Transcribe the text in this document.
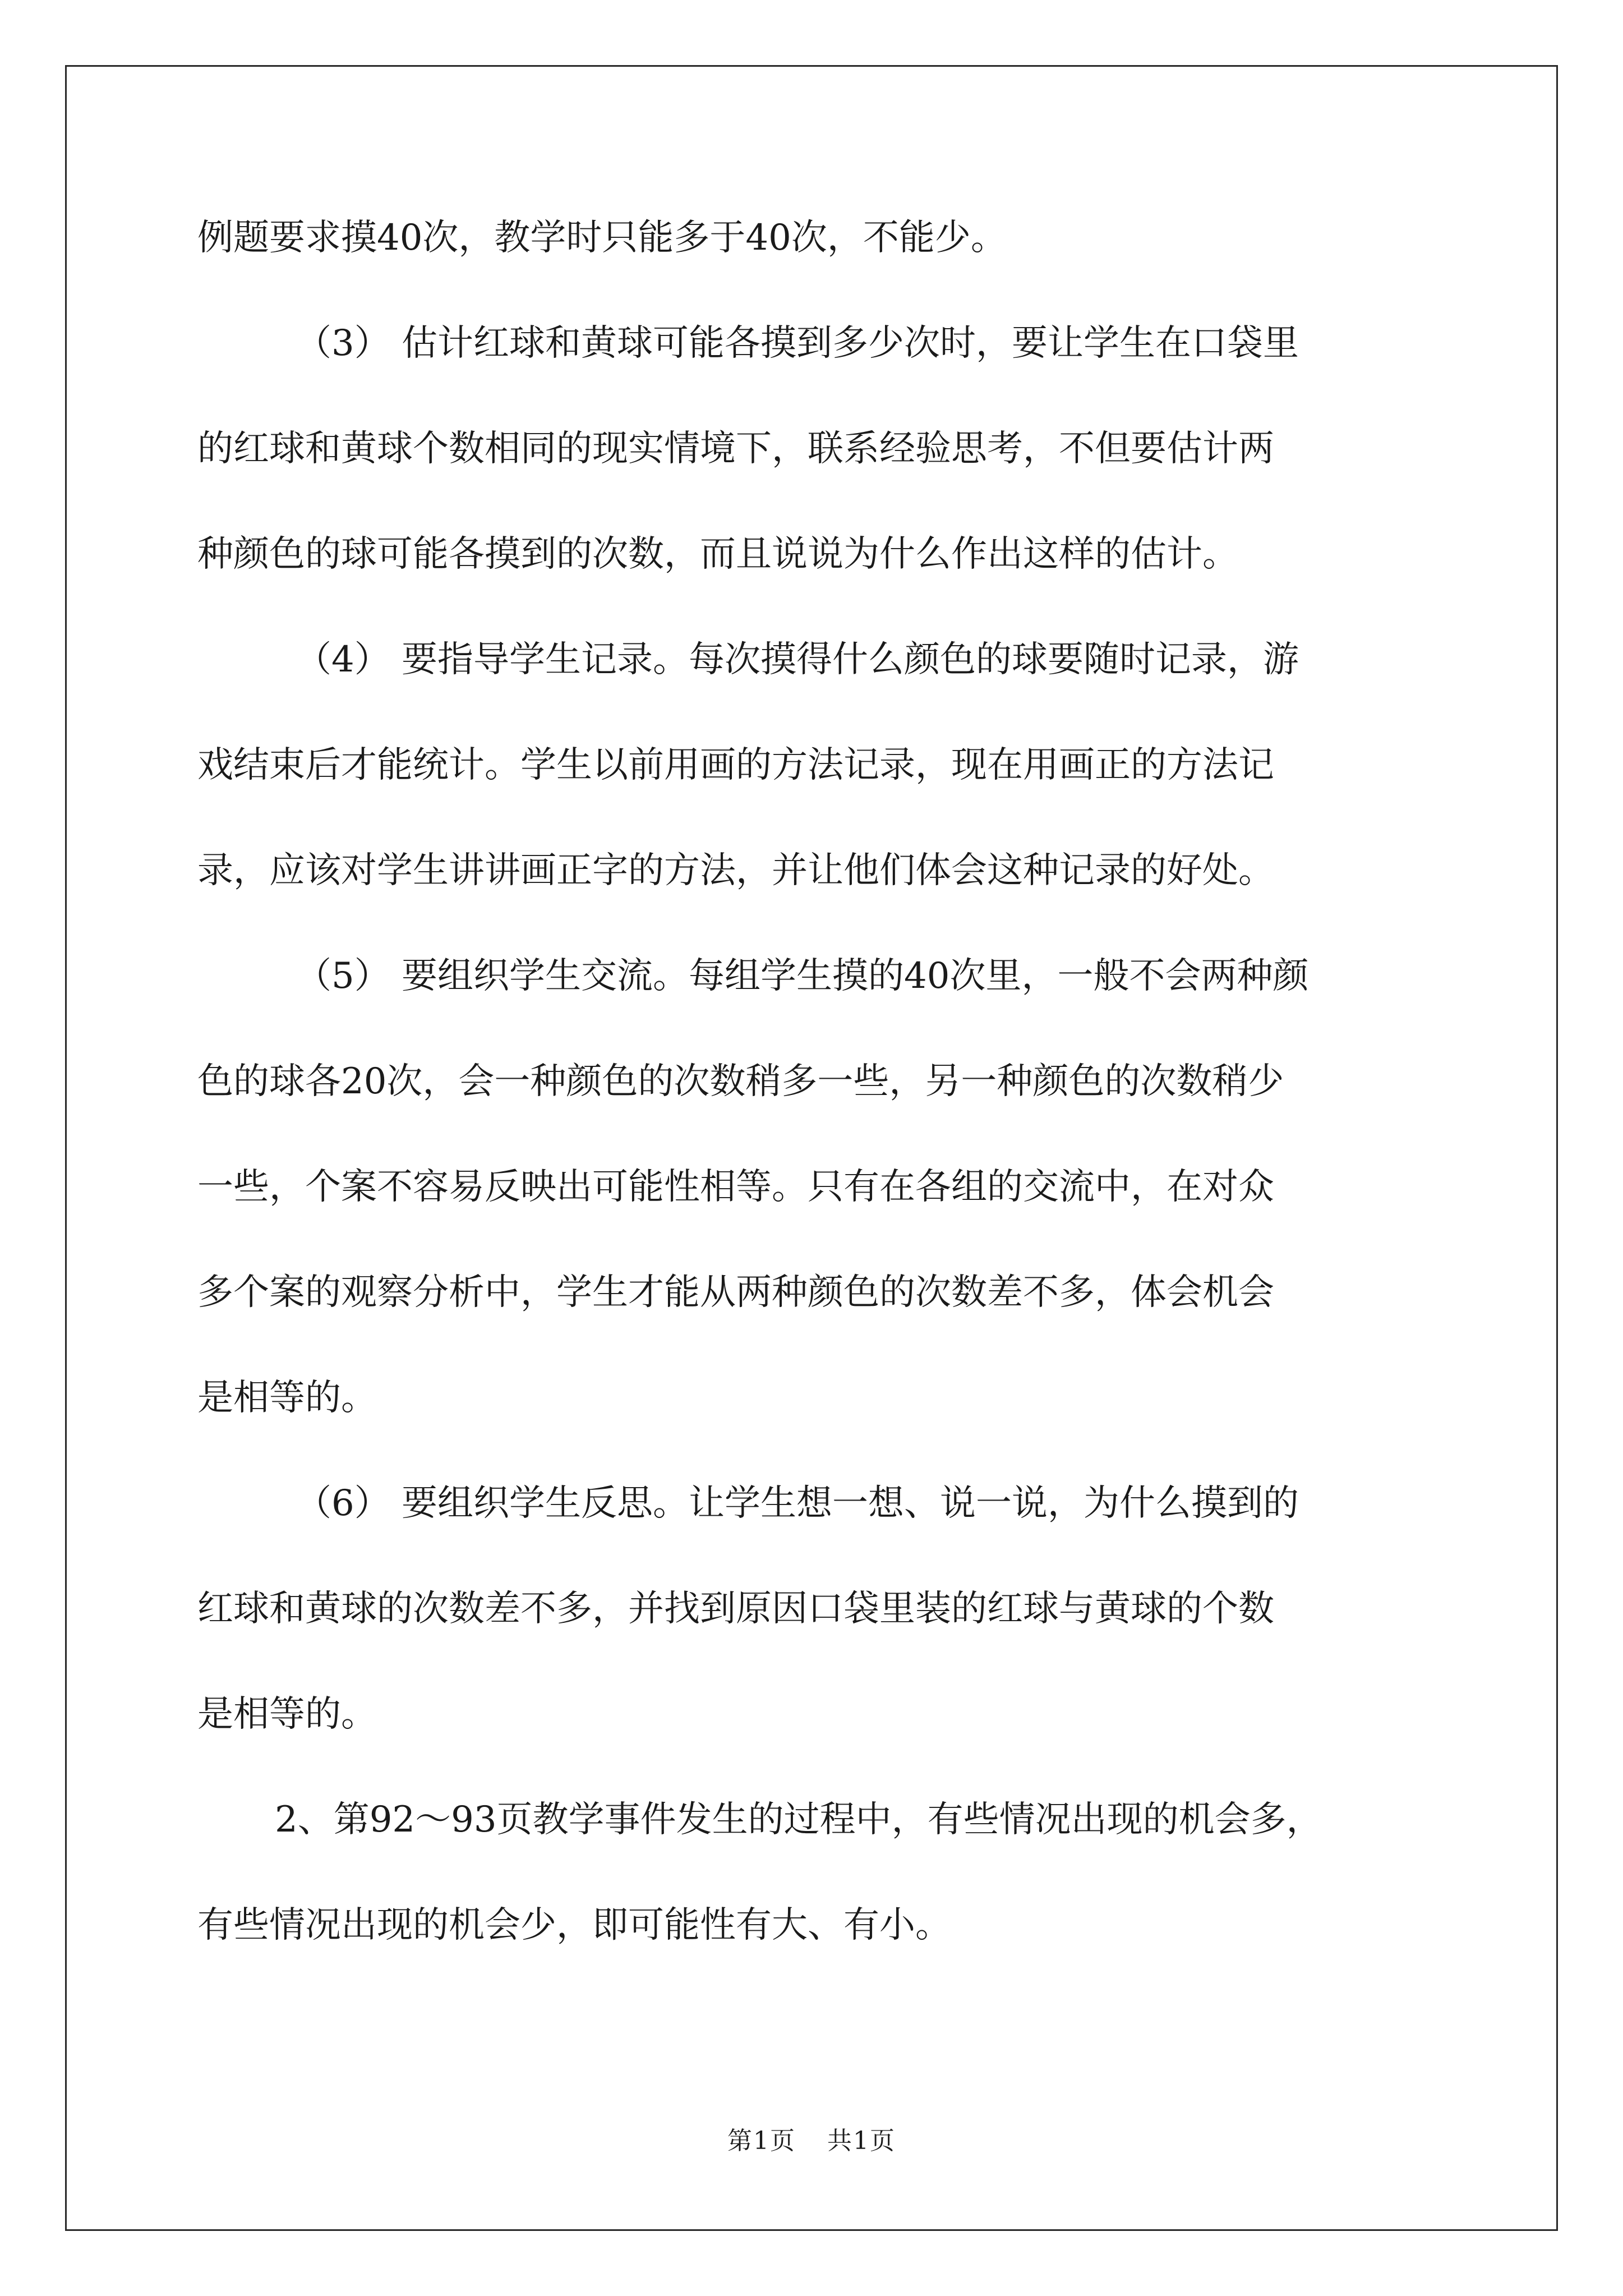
例题要求摸40次，教学时只能多于40次，不能少。
（3） 估计红球和黄球可能各摸到多少次时，要让学生在口袋里
的红球和黄球个数相同的现实情境下，联系经验思考，不但要估计两
种颜色的球可能各摸到的次数，而且说说为什么作出这样的估计。
（4） 要指导学生记录。每次摸得什么颜色的球要随时记录，游
戏结束后才能统计。学生以前用画的方法记录，现在用画正的方法记
录，应该对学生讲讲画正字的方法，并让他们体会这种记录的好处。
（5） 要组织学生交流。每组学生摸的40次里，一般不会两种颜
色的球各20次，会一种颜色的次数稍多一些，另一种颜色的次数稍少
一些，个案不容易反映出可能性相等。只有在各组的交流中，在对众
多个案的观察分析中，学生才能从两种颜色的次数差不多，体会机会
是相等的。
（6） 要组织学生反思。让学生想一想、说一说，为什么摸到的
红球和黄球的次数差不多，并找到原因口袋里装的红球与黄球的个数
是相等的。
2、第92～93页教学事件发生的过程中，有些情况出现的机会多，
有些情况出现的机会少，即可能性有大、有小。
第1页 共1页
